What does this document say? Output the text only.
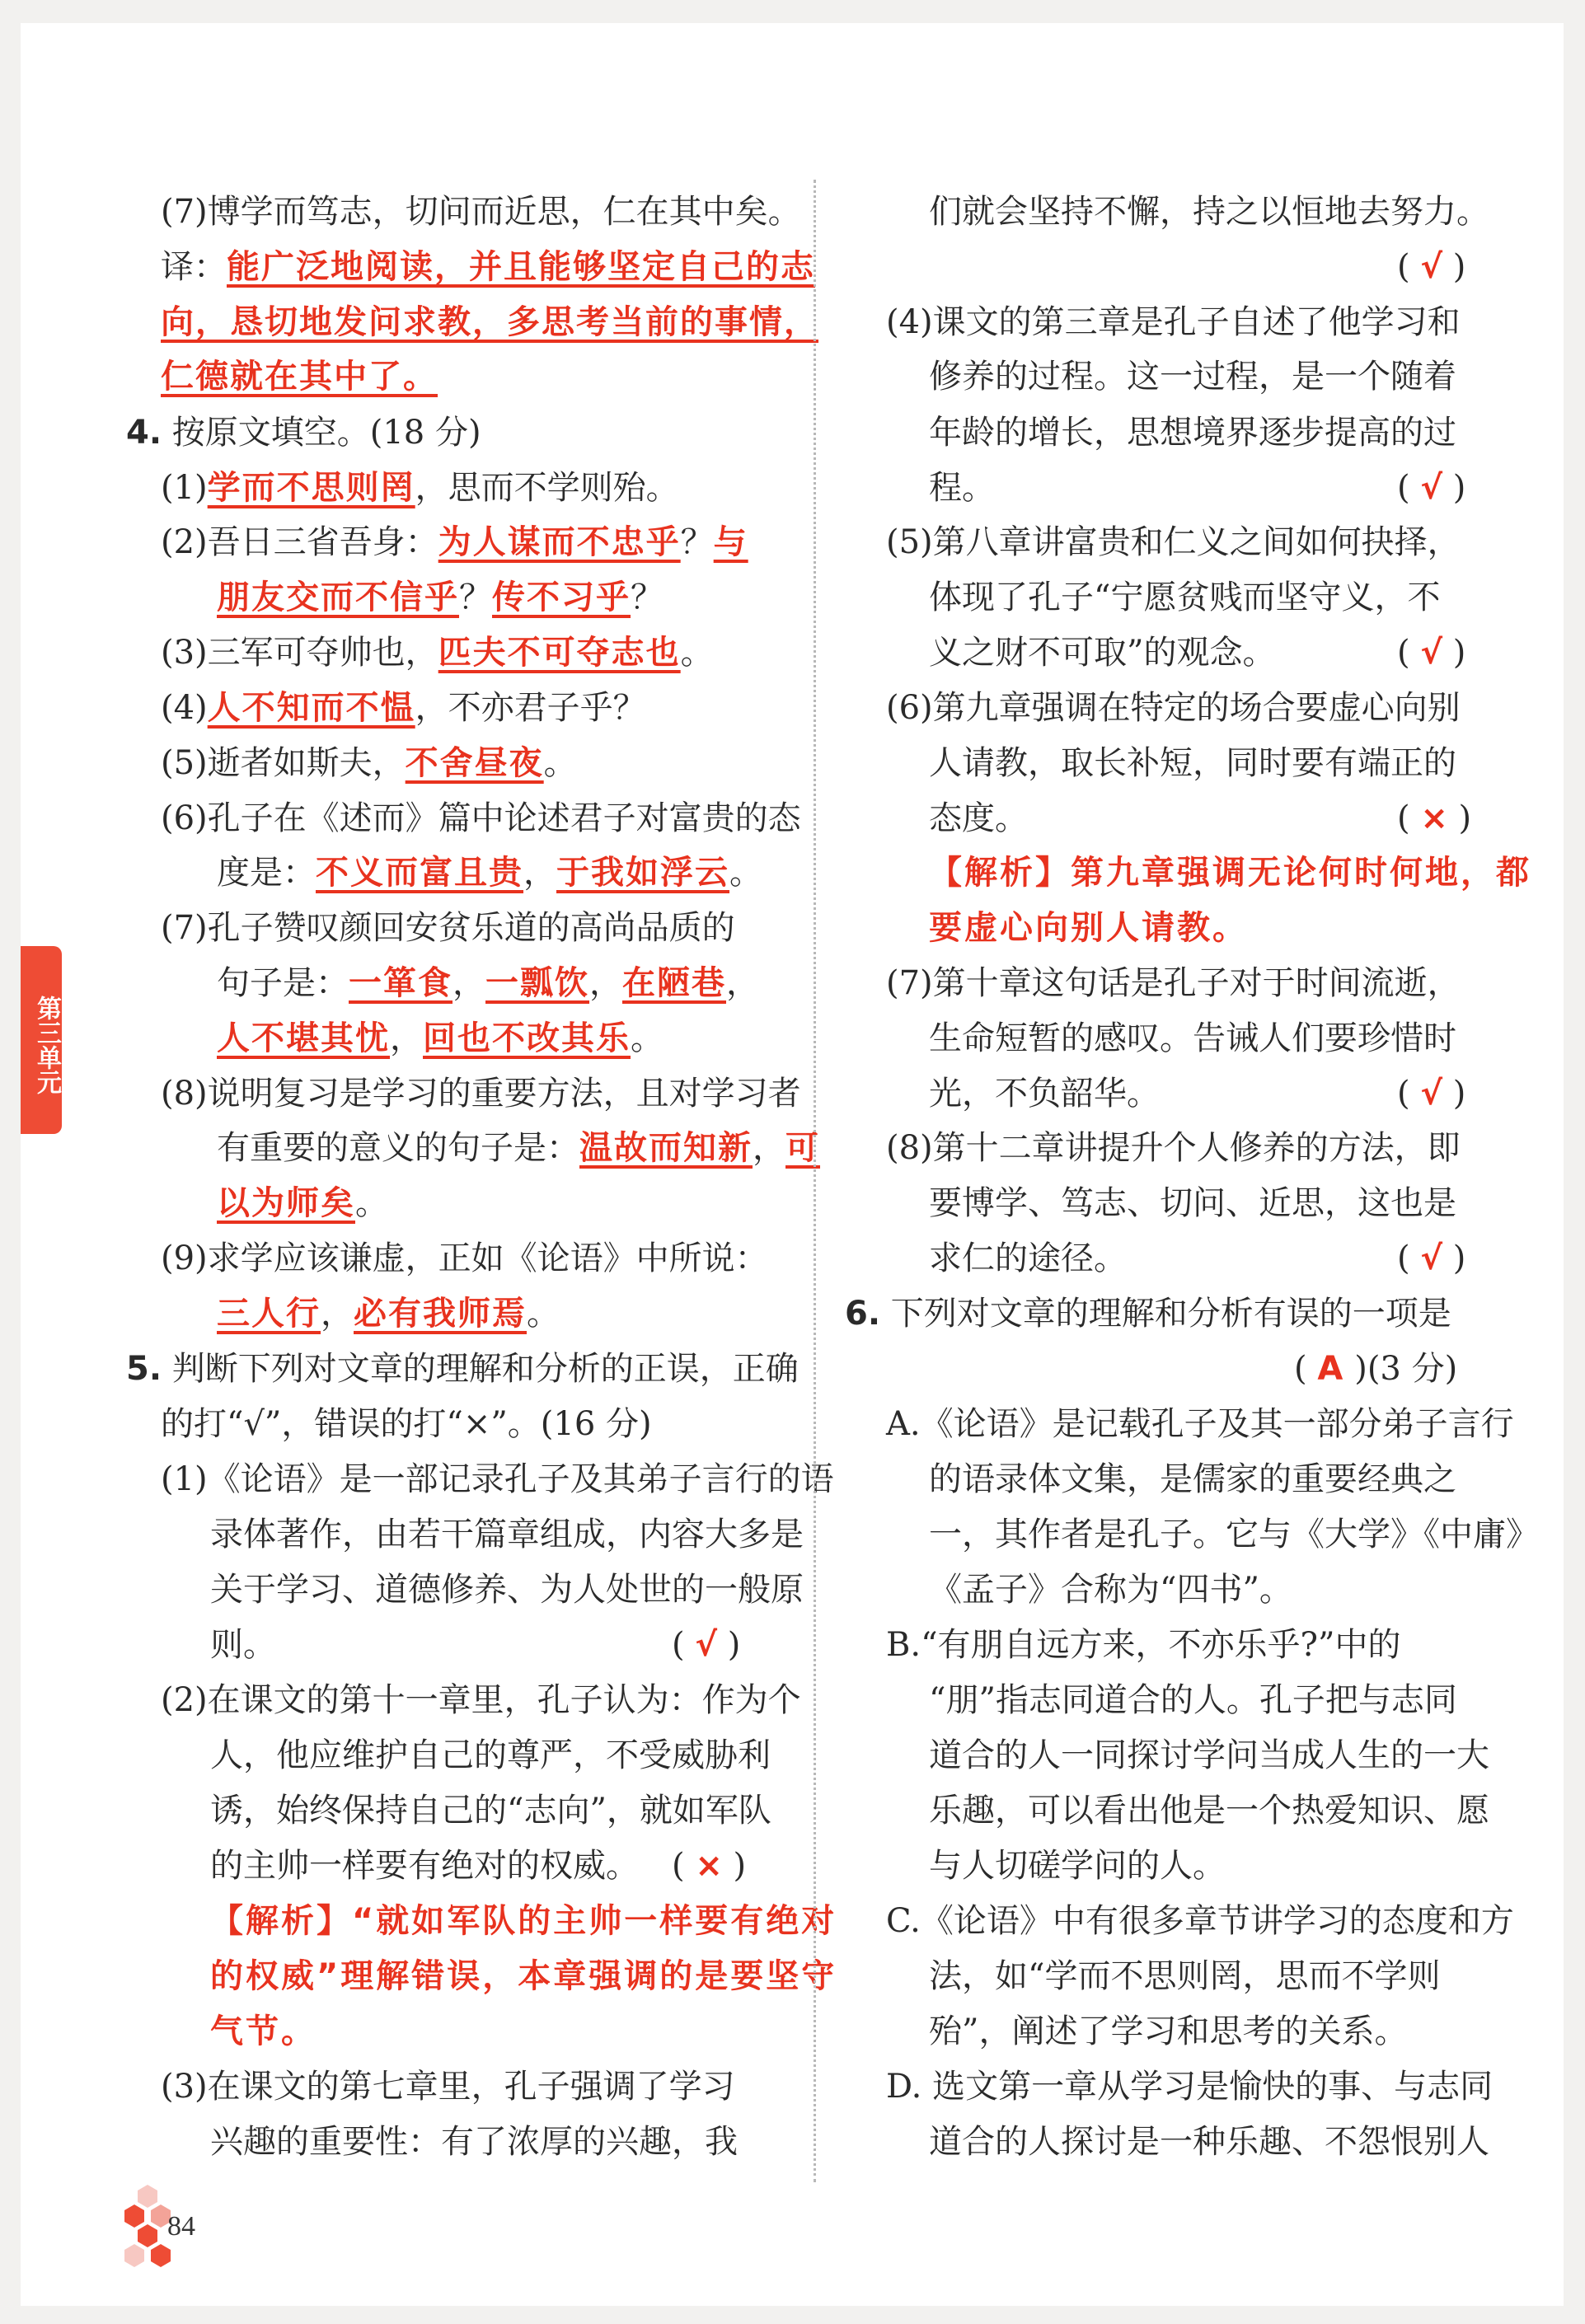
(7)博学而笃志，切问而近思，仁在其中矣。
译：能广泛地阅读，并且能够坚定自己的志
向，恳切地发问求教，多思考当前的事情，
仁德就在其中了。
4. 按原文填空。(18 分)
(1)学而不思则罔，思而不学则殆。
(2)吾日三省吾身：为人谋而不忠乎？与
朋友交而不信乎？传不习乎？
(3)三军可夺帅也，匹夫不可夺志也。
(4)人不知而不愠，不亦君子乎？
(5)逝者如斯夫，不舍昼夜。
(6)孔子在《述而》篇中论述君子对富贵的态
度是：不义而富且贵，于我如浮云。
(7)孔子赞叹颜回安贫乐道的高尚品质的
句子是：一箪食，一瓢饮，在陋巷，
人不堪其忧，回也不改其乐。
(8)说明复习是学习的重要方法，且对学习者
有重要的意义的句子是：温故而知新，可
以为师矣。
(9)求学应该谦虚，正如《论语》中所说：
三人行，必有我师焉。
5. 判断下列对文章的理解和分析的正误，正确
的打“√”，错误的打“×”。(16 分)
(1)《论语》是一部记录孔子及其弟子言行的语
录体著作，由若干篇章组成，内容大多是
关于学习、道德修养、为人处世的一般原
则。	( √ )
(2)在课文的第十一章里，孔子认为：作为个
人，他应维护自己的尊严，不受威胁利
诱，始终保持自己的“志向”，就如军队
的主帅一样要有绝对的权威。 ( × )
【解析】“就如军队的主帅一样要有绝对
的权威”理解错误，本章强调的是要坚守
气节。
(3)在课文的第七章里，孔子强调了学习
兴趣的重要性：有了浓厚的兴趣，我
们就会坚持不懈，持之以恒地去努力。
( √ )
(4)课文的第三章是孔子自述了他学习和
修养的过程。这一过程，是一个随着
年龄的增长，思想境界逐步提高的过
程。	( √ )
(5)第八章讲富贵和仁义之间如何抉择，
体现了孔子“宁愿贫贱而坚守义，不
义之财不可取”的观念。	( √ )
(6)第九章强调在特定的场合要虚心向别
人请教，取长补短，同时要有端正的
态度。	( × )
【解析】第九章强调无论何时何地，都
要虚心向别人请教。
(7)第十章这句话是孔子对于时间流逝，
生命短暂的感叹。告诫人们要珍惜时
光，不负韶华。	( √ )
(8)第十二章讲提升个人修养的方法，即
要博学、笃志、切问、近思，这也是
求仁的途径。	( √ )
6. 下列对文章的理解和分析有误的一项是
( A )(3 分)
A.《论语》是记载孔子及其一部分弟子言行
的语录体文集，是儒家的重要经典之
一，其作者是孔子。它与《大学》《中庸》
《孟子》合称为“四书”。
B.“有朋自远方来，不亦乐乎?”中的
“朋”指志同道合的人。孔子把与志同
道合的人一同探讨学问当成人生的一大
乐趣，可以看出他是一个热爱知识、愿
与人切磋学问的人。
C.《论语》中有很多章节讲学习的态度和方
法，如“学而不思则罔，思而不学则
殆”，阐述了学习和思考的关系。
D. 选文第一章从学习是愉快的事、与志同
道合的人探讨是一种乐趣、不怨恨别人
第三单元
84
